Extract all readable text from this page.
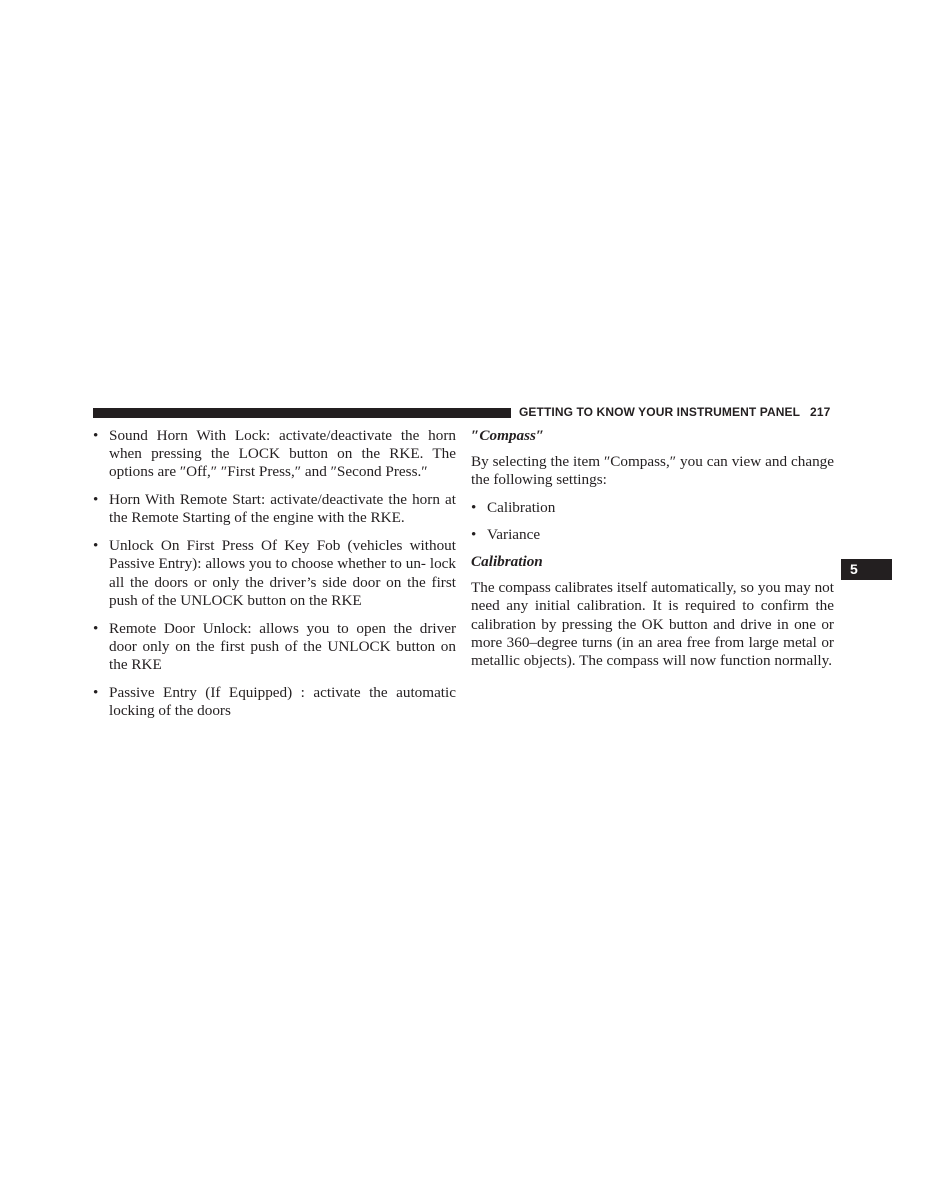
GETTING TO KNOW YOUR INSTRUMENT PANEL 217
• Sound Horn With Lock: activate/deactivate the horn when pressing the LOCK button on the RKE. The options are ″Off,″ ″First Press,″ and ″Second Press.″
• Horn With Remote Start: activate/deactivate the horn at the Remote Starting of the engine with the RKE.
• Unlock On First Press Of Key Fob (vehicles without Passive Entry): allows you to choose whether to un- lock all the doors or only the driver’s side door on the first push of the UNLOCK button on the RKE
• Remote Door Unlock: allows you to open the driver door only on the first push of the UNLOCK button on the RKE
• Passive Entry (If Equipped) : activate the automatic locking of the doors

″Compass″

By selecting the item ″Compass,″ you can view and change the following settings:

• Calibration
• Variance

Calibration

The compass calibrates itself automatically, so you may not need any initial calibration. It is required to confirm the calibration by pressing the OK button and drive in one or more 360–degree turns (in an area free from large metal or metallic objects). The compass will now function normally.

5
